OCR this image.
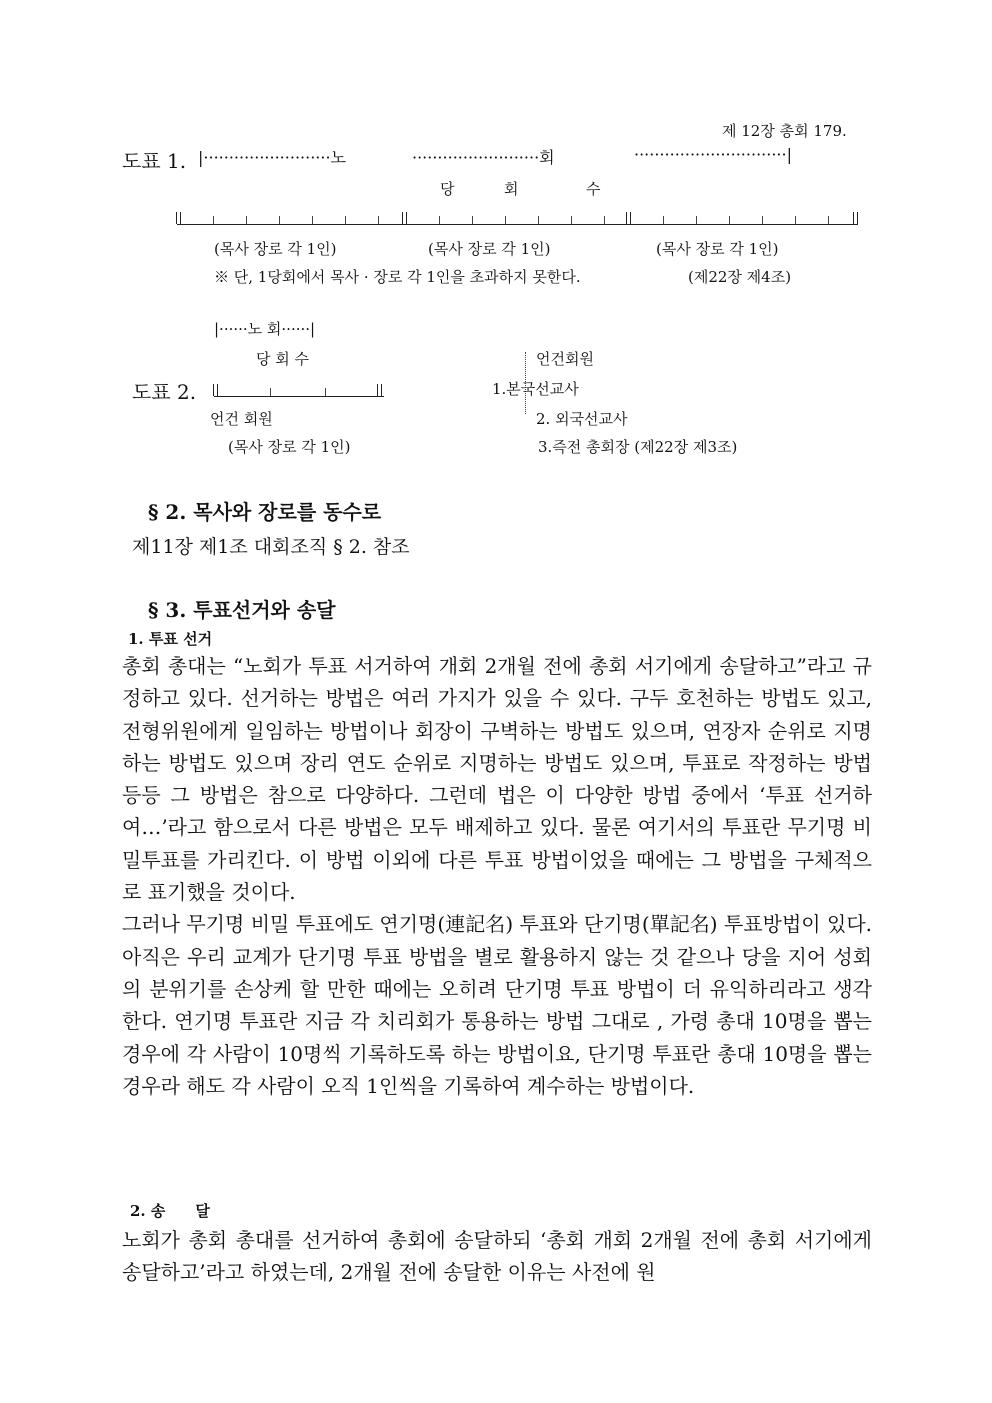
제 12장 총회 179.
도표 1. |·························노	·························회	······························|
당	회	수
(목사 장로 각 1인)	(목사 장로 각 1인)	(목사 장로 각 1인)
※ 단, 1당회에서 목사 · 장로 각 1인을 초과하지 못한다.	(제22장 제4조)
|······노 회······|
당 회 수
도표 2.
언건 회원
(목사 장로 각 1인)
언건회원
1.본국선교사
2. 외국선교사
3.즉전 총회장 (제22장 제3조)
§ 2. 목사와 장로를 동수로
제11장 제1조 대회조직 § 2. 참조
§ 3. 투표선거와 송달
1. 투표 선거

총회 총대는 “노회가 투표 서거하여 개회 2개월 전에 총회 서기에게 송달하고”라고 규정하고 있다. 선거하는 방법은 여러 가지가 있을 수 있다. 구두 호천하는 방법도 있고, 전형위원에게 일임하는 방법이나 회장이 구벽하는 방법도 있으며, 연장자 순위로 지명하는 방법도 있으며 장리 연도 순위로 지명하는 방법도 있으며, 투표로 작정하는 방법 등등 그 방법은 참으로 다양하다. 그런데 법은 이 다양한 방법 중에서 ‘투표 선거하여…’라고 함으로서 다른 방법은 모두 배제하고 있다. 물론 여기서의 투표란 무기명 비밀투표를 가리킨다. 이 방법 이외에 다른 투표 방법이었을 때에는 그 방법을 구체적으로 표기했을 것이다.

그러나 무기명 비밀 투표에도 연기명(連記名) 투표와 단기명(單記名) 투표방법이 있다. 아직은 우리 교계가 단기명 투표 방법을 별로 활용하지 않는 것 같으나 당을 지어 성회의 분위기를 손상케 할 만한 때에는 오히려 단기명 투표 방법이 더 유익하리라고 생각한다. 연기명 투표란 지금 각 치리회가 통용하는 방법 그대로 , 가령 총대 10명을 뽑는 경우에 각 사람이 10명씩 기록하도록 하는 방법이요, 단기명 투표란 총대 10명을 뽑는 경우라 해도 각 사람이 오직 1인씩을 기록하여 계수하는 방법이다.

2. 송　　달

노회가 총회 총대를 선거하여 총회에 송달하되 ‘총회 개회 2개월 전에 총회 서기에게 송달하고’라고 하였는데, 2개월 전에 송달한 이유는 사전에 원
